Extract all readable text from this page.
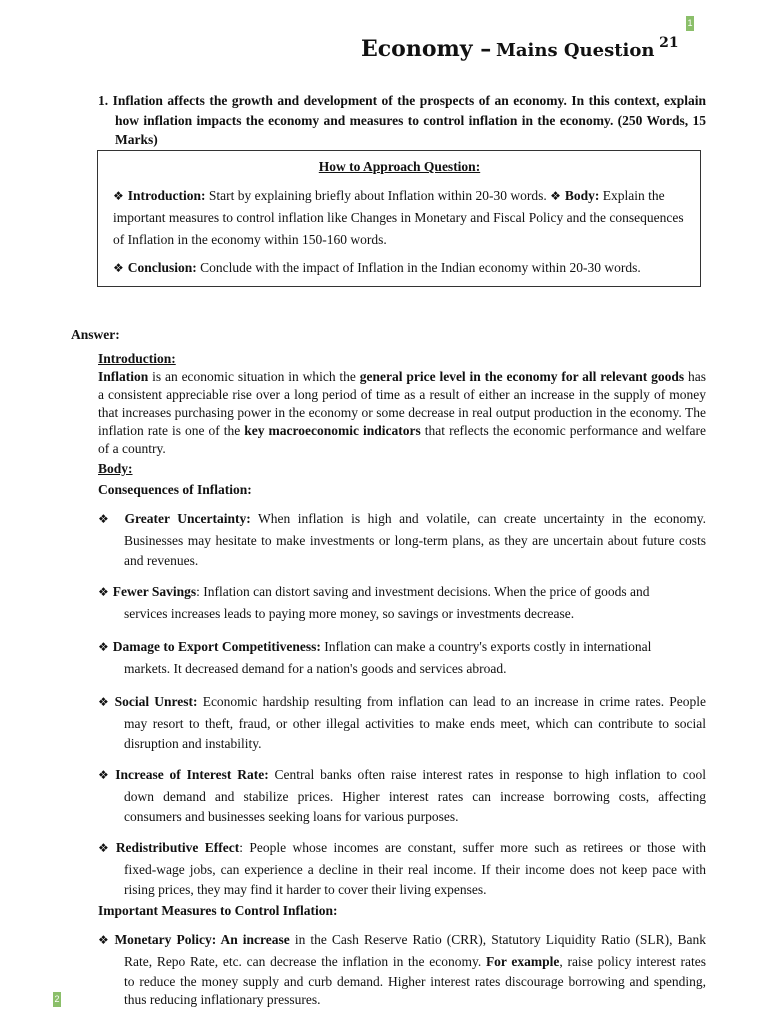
1
Economy – Mains Question $^{21}$
1. Inflation affects the growth and development of the prospects of an economy. In this context, explain how inflation impacts the economy and measures to control inflation in the economy. (250 Words, 15 Marks)
How to Approach Question:

❖ Introduction: Start by explaining briefly about Inflation within 20-30 words. ❖ Body: Explain the important measures to control inflation like Changes in Monetary and Fiscal Policy and the consequences of Inflation in the economy within 150-160 words.

❖ Conclusion: Conclude with the impact of Inflation in the Indian economy within 20-30 words.

Answer:
Introduction:
Inflation is an economic situation in which the general price level in the economy for all relevant goods has a consistent appreciable rise over a long period of time as a result of either an increase in the supply of money that increases purchasing power in the economy or some decrease in real output production in the economy. The inflation rate is one of the key macroeconomic indicators that reflects the economic performance and welfare of a country.
Body:
Consequences of Inflation:
❖ Greater Uncertainty: When inflation is high and volatile, can create uncertainty in the economy.
Businesses may hesitate to make investments or long-term plans, as they are uncertain about future costs
and revenues.
❖ Fewer Savings: Inflation can distort saving and investment decisions. When the price of goods and
services increases leads to paying more money, so savings or investments decrease.
❖ Damage to Export Competitiveness: Inflation can make a country's exports costly in international
markets. It decreased demand for a nation's goods and services abroad.
❖ Social Unrest: Economic hardship resulting from inflation can lead to an increase in crime rates. People
may resort to theft, fraud, or other illegal activities to make ends meet, which can contribute to social
disruption and instability.
❖ Increase of Interest Rate: Central banks often raise interest rates in response to high inflation to cool
down demand and stabilize prices. Higher interest rates can increase borrowing costs, affecting
consumers and businesses seeking loans for various purposes.
❖ Redistributive Effect: People whose incomes are constant, suffer more such as retirees or those with
fixed-wage jobs, can experience a decline in their real income. If their income does not keep pace with
rising prices, they may find it harder to cover their living expenses.
Important Measures to Control Inflation:
❖ Monetary Policy: An increase in the Cash Reserve Ratio (CRR), Statutory Liquidity Ratio (SLR), Bank
Rate, Repo Rate, etc. can decrease the inflation in the economy. For example, raise policy interest rates
to reduce the money supply and curb demand. Higher interest rates discourage borrowing and spending,
thus reducing inflationary pressures.
2
